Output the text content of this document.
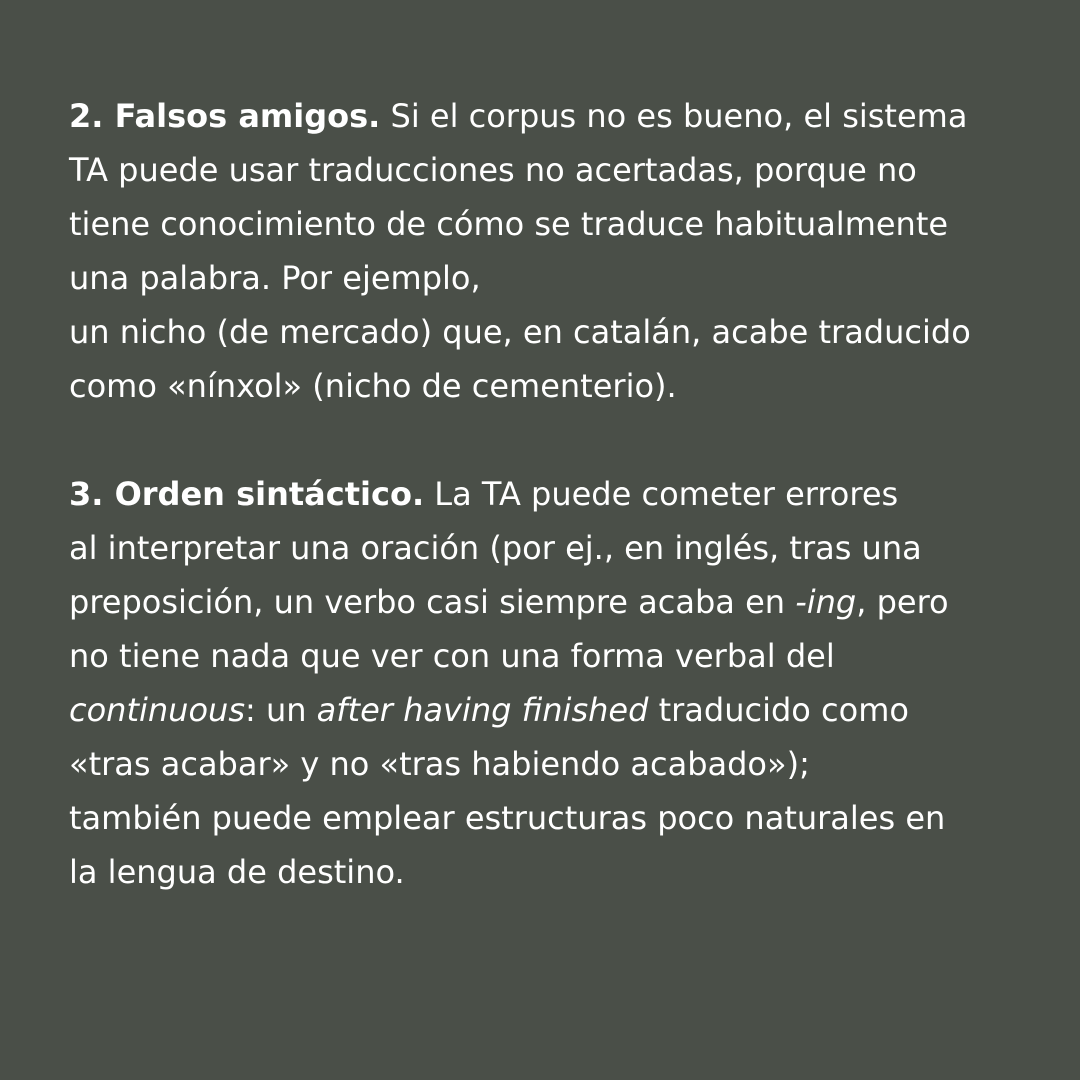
2. Falsos amigos. Si el corpus no es bueno, el sistema
TA puede usar traducciones no acertadas, porque no
tiene conocimiento de cómo se traduce habitualmente
una palabra. Por ejemplo,
un nicho (de mercado) que, en catalán, acabe traducido
como «nínxol» (nicho de cementerio).
3. Orden sintáctico. La TA puede cometer errores
al interpretar una oración (por ej., en inglés, tras una
preposición, un verbo casi siempre acaba en -ing, pero
no tiene nada que ver con una forma verbal del
continuous: un after having finished traducido como
«tras acabar» y no «tras habiendo acabado»);
también puede emplear estructuras poco naturales en
la lengua de destino.
